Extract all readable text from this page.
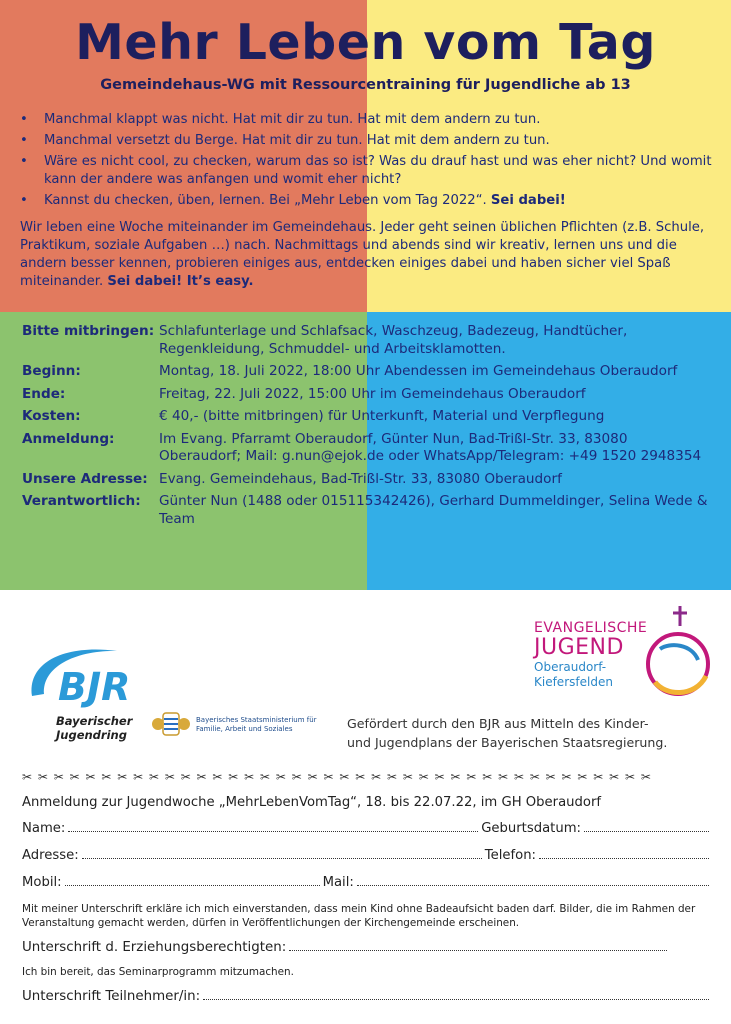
Mehr Leben vom Tag
Gemeindehaus-WG mit Ressourcentraining für Jugendliche ab 13
• Manchmal klappt was nicht. Hat mit dir zu tun. Hat mit dem andern zu tun.
• Manchmal versetzt du Berge. Hat mit dir zu tun. Hat mit dem andern zu tun.
• Wäre es nicht cool, zu checken, warum das so ist? Was du drauf hast und was eher nicht? Und womit kann der andere was anfangen und womit eher nicht?
• Kannst du checken, üben, lernen. Bei „Mehr Leben vom Tag 2022“. Sei dabei!

Wir leben eine Woche miteinander im Gemeindehaus. Jeder geht seinen üblichen Pflichten (z.B. Schule, Praktikum, soziale Aufgaben …) nach. Nachmittags und abends sind wir kreativ, lernen uns und die andern besser kennen, probieren einiges aus, entdecken einiges dabei und haben sicher viel Spaß miteinander. Sei dabei! It’s easy.

Bitte mitbringen: Schlafunterlage und Schlafsack, Waschzeug, Badezeug, Handtücher, Regenkleidung, Schmuddel- und Arbeitsklamotten.
Beginn:	Montag, 18. Juli 2022, 18:00 Uhr Abendessen im Gemeindehaus Oberaudorf
Ende:	Freitag, 22. Juli 2022, 15:00 Uhr im Gemeindehaus Oberaudorf
Kosten:	€ 40,- (bitte mitbringen) für Unterkunft, Material und Verpflegung
Anmeldung:	Im Evang. Pfarramt Oberaudorf, Günter Nun, Bad-Trißl-Str. 33, 83080 Oberaudorf; Mail: g.nun@ejok.de oder WhatsApp/Telegram: +49 1520 2948354
Unsere Adresse: Evang. Gemeindehaus, Bad-Trißl-Str. 33, 83080 Oberaudorf
Verantwortlich:	Günter Nun (1488 oder 015115342426), Gerhard Dummeldinger, Selina Wede & Team
BJR
Bayerischer
Jugendring
Bayerisches Staatsministerium für
Familie, Arbeit und Soziales
EVANGELISCHE
JUGEND
Oberaudorf-
Kiefersfelden
Gefördert durch den BJR aus Mitteln des Kinder-
und Jugendplans der Bayerischen Staatsregierung.
✂ ✂ ✂ ✂ ✂ ✂ ✂ ✂ ✂ ✂ ✂ ✂ ✂ ✂ ✂ ✂ ✂ ✂ ✂ ✂ ✂ ✂ ✂ ✂ ✂ ✂ ✂ ✂ ✂ ✂ ✂ ✂ ✂ ✂ ✂ ✂ ✂ ✂ ✂ ✂
Anmeldung zur Jugendwoche „MehrLebenVomTag“, 18. bis 22.07.22, im GH Oberaudorf
Name:	Geburtsdatum:
Adresse:	Telefon:
Mobil:	Mail:
Mit meiner Unterschrift erkläre ich mich einverstanden, dass mein Kind ohne Badeaufsicht baden darf. Bilder, die im Rahmen der Veranstaltung gemacht werden, dürfen in Veröffentlichungen der Kirchengemeinde erscheinen.
Unterschrift d. Erziehungsberechtigten:
Ich bin bereit, das Seminarprogramm mitzumachen.
Unterschrift Teilnehmer/in:
